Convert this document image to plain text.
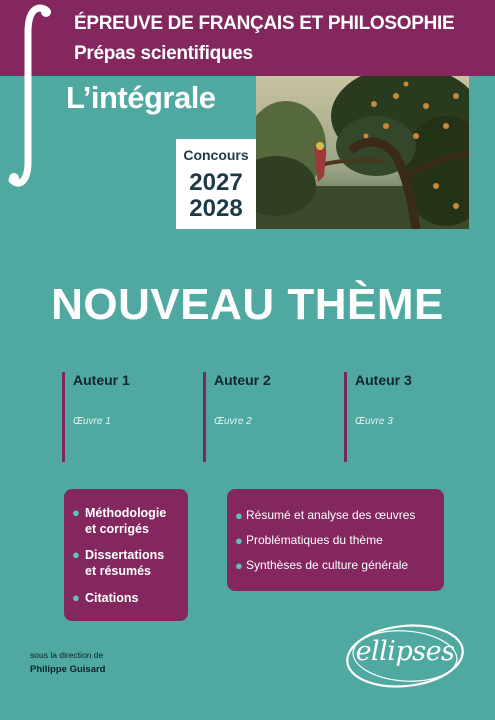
ÉPREUVE DE FRANÇAIS ET PHILOSOPHIE
Prépas scientifiques
L’intégrale
Concours
2027
2028
NOUVEAU THÈME
Auteur 1
Œuvre 1
Auteur 2
Œuvre 2
Auteur 3
Œuvre 3
● Méthodologie
et corrigés
● Dissertations
et résumés
● Citations
● Résumé et analyse des œuvres
● Problématiques du thème
● Synthèses de culture générale
sous la direction de
Philippe Guisard
ellipses
